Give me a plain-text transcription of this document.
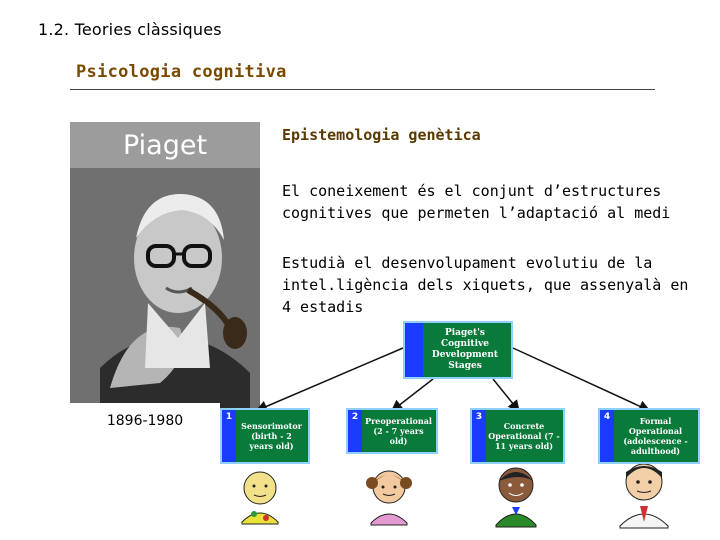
1.2. Teories clàssiques
Psicologia cognitiva
Piaget
1896-1980
Epistemologia genètica
El coneixement és el conjunt d’estructures cognitives que permeten l’adaptació al medi
Estudià el desenvolupament evolutiu de la intel.ligència dels xiquets, que assenyalà en 4 estadis
Piaget's Cognitive Development Stages
1
Sensorimotor (birth - 2 years old)
2 Preoperational (2 - 7 years old)
3
Concrete Operational (7 - 11 years old)
4	Formal Operational (adolescence - adulthood)
